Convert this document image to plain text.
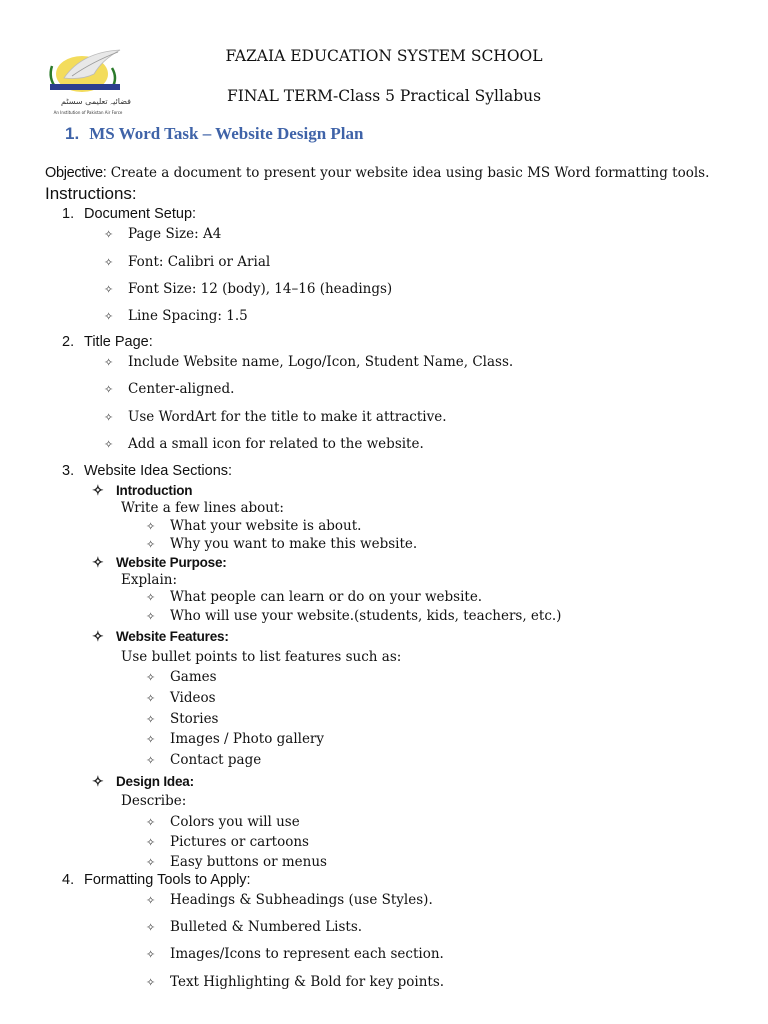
ﻓﻀﺎﺋﯿﮧ ﺗﻌﻠﯿﻤﯽ ﺳﺴﭩﻢ
An Institution of Pakistan Air Force
FAZAIA EDUCATION SYSTEM SCHOOL
FINAL TERM-Class 5 Practical Syllabus
1. MS Word Task – Website Design Plan
Objective: Create a document to present your website idea using basic MS Word formatting tools.
Instructions:
1. Document Setup:
✧ Page Size: A4
✧ Font: Calibri or Arial
✧ Font Size: 12 (body), 14–16 (headings)
✧ Line Spacing: 1.5
2. Title Page:
✧ Include Website name, Logo/Icon, Student Name, Class.
✧ Center-aligned.
✧ Use WordArt for the title to make it attractive.
✧ Add a small icon for related to the website.
3. Website Idea Sections:
✧ Introduction
Write a few lines about:
✧ What your website is about.
✧ Why you want to make this website.
✧ Website Purpose:
Explain:
✧ What people can learn or do on your website.
✧ Who will use your website.(students, kids, teachers, etc.)
✧ Website Features:
Use bullet points to list features such as:
✧ Games
✧ Videos
✧ Stories
✧ Images / Photo gallery
✧ Contact page
✧ Design Idea:
Describe:
✧ Colors you will use
✧ Pictures or cartoons
✧ Easy buttons or menus
4. Formatting Tools to Apply:
✧ Headings & Subheadings (use Styles).
✧ Bulleted & Numbered Lists.
✧ Images/Icons to represent each section.
✧ Text Highlighting & Bold for key points.
